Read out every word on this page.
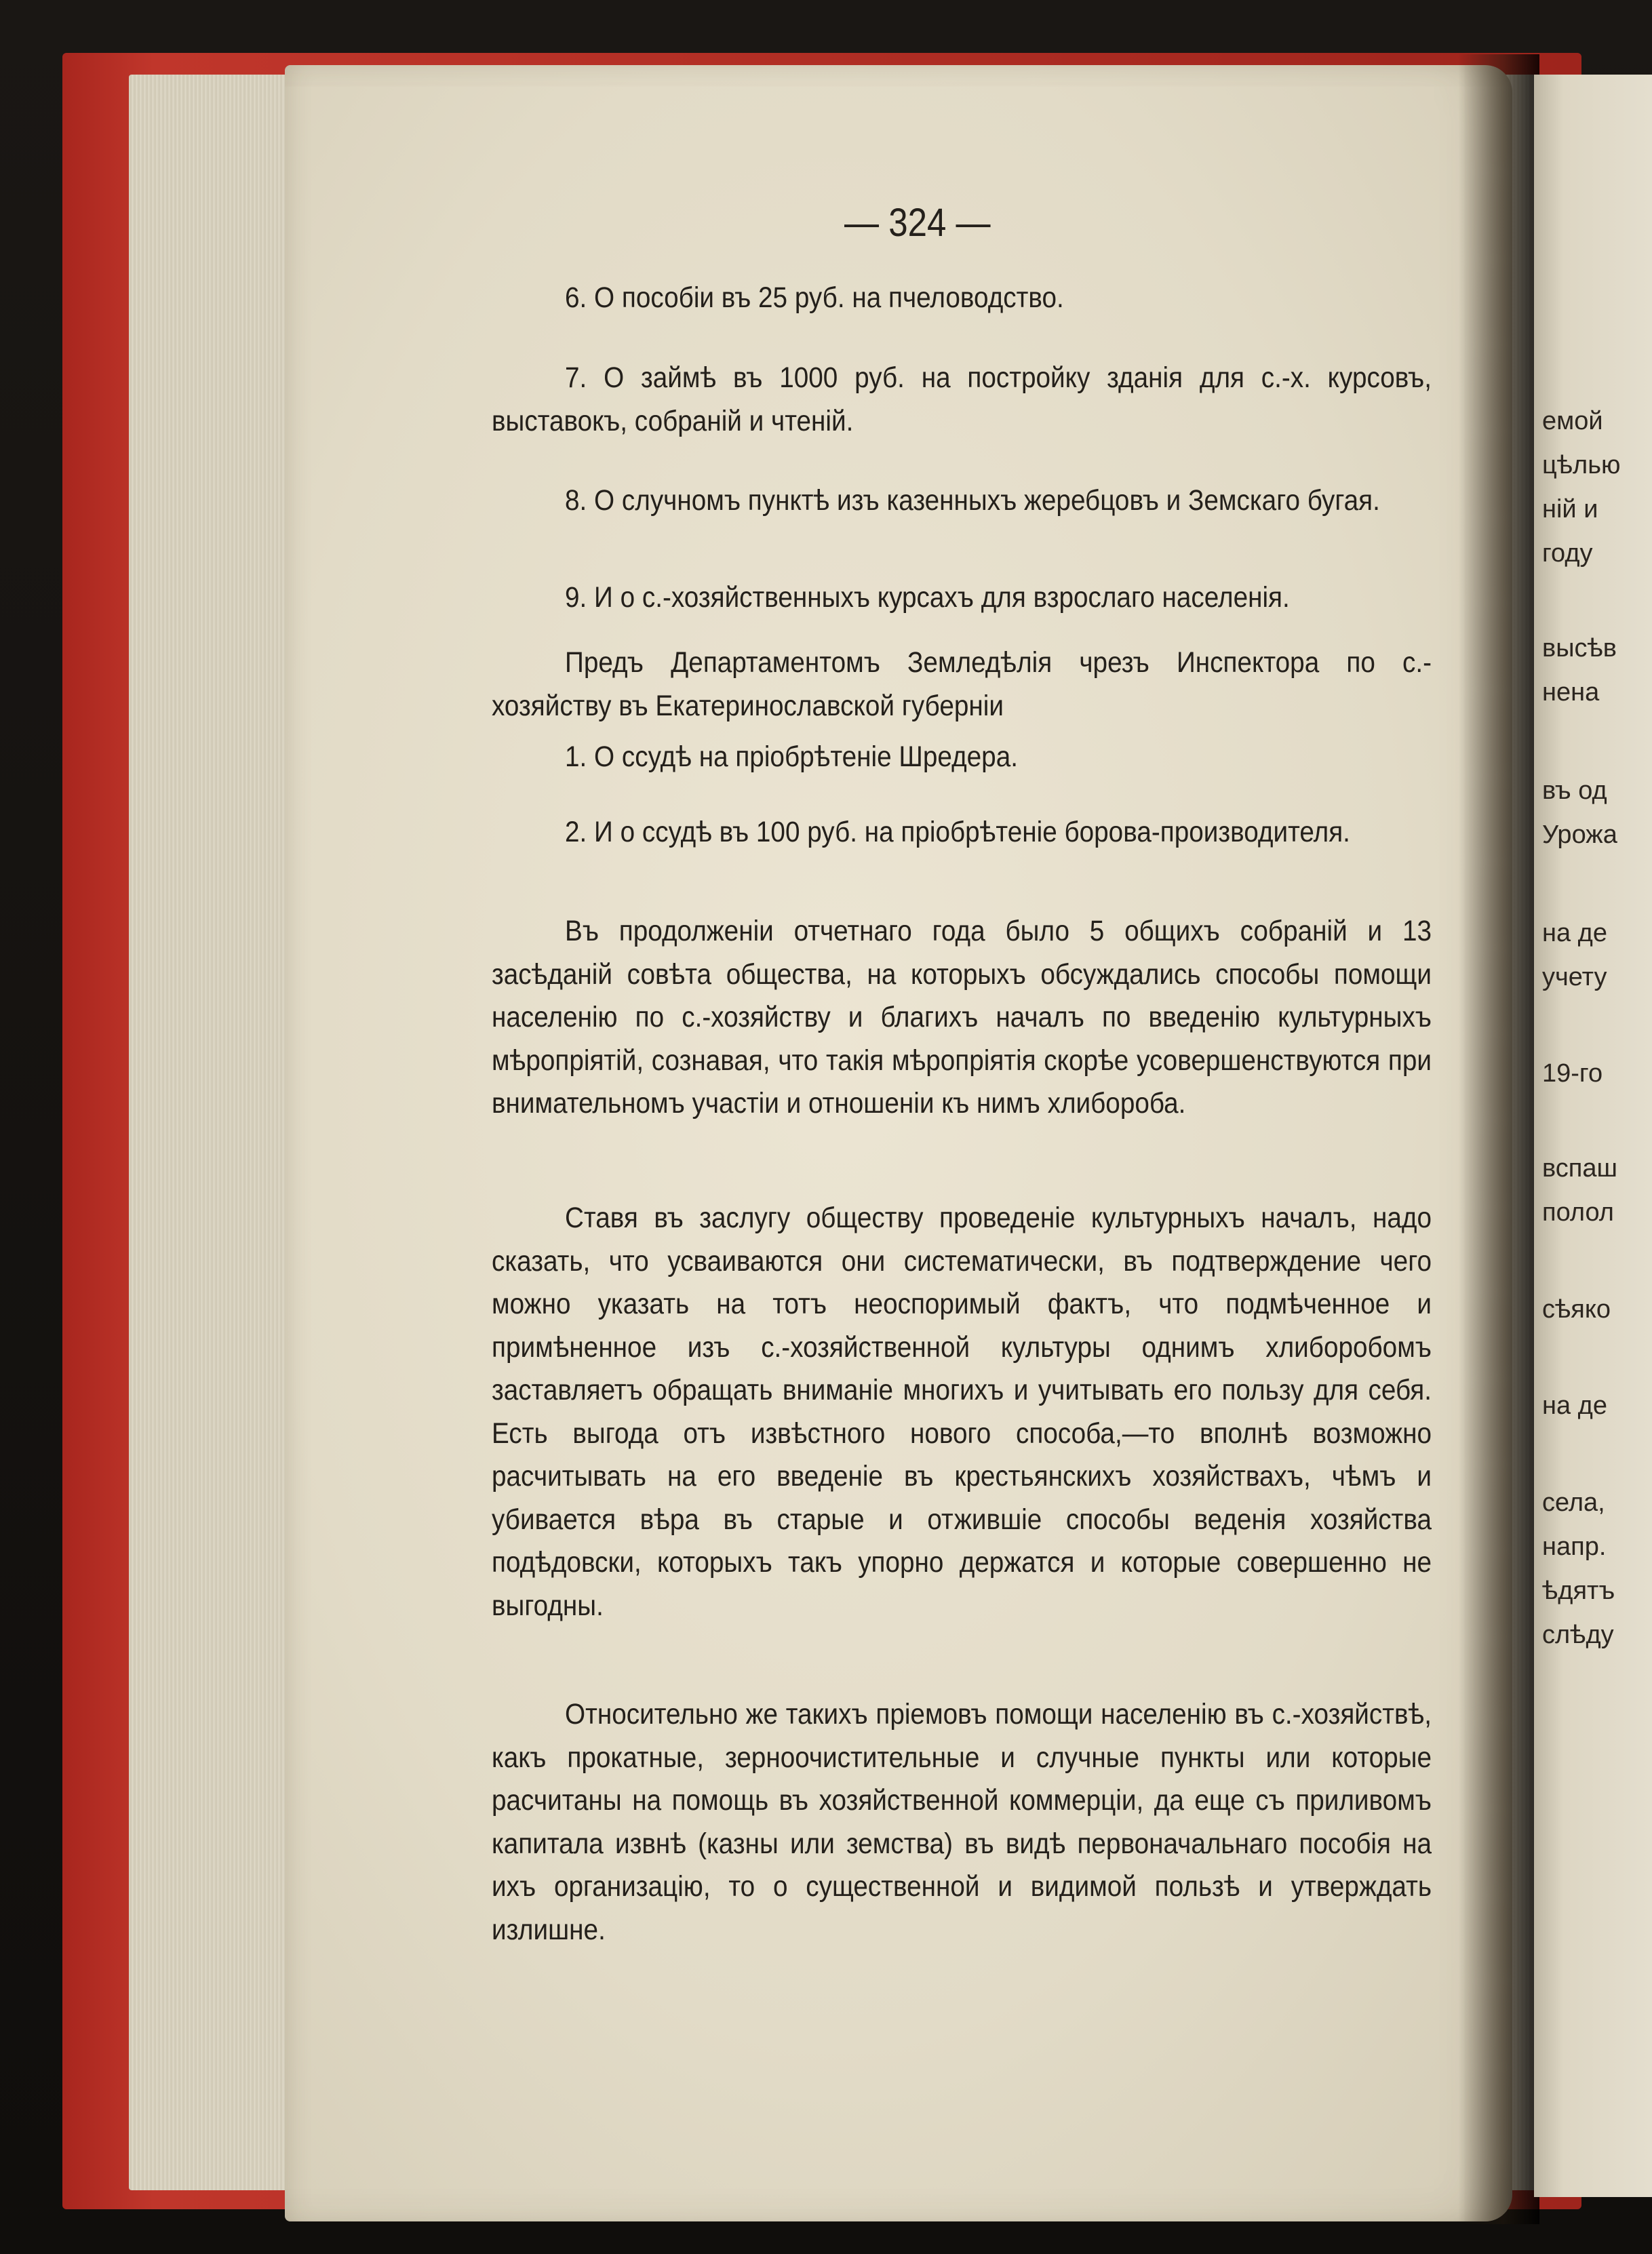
— 324 —

6. О пособіи въ 25 руб. на пчеловодство.

7. О займѣ въ 1000 руб. на постройку зданія для с.-х. курсовъ, выставокъ, собраній и чтеній.

8. О случномъ пунктѣ изъ казенныхъ жеребцовъ и Земскаго бугая.

9. И о с.-хозяйственныхъ курсахъ для взрослаго населенія.

Предъ Департаментомъ Земледѣлія чрезъ Инспектора по с.-хозяйству въ Екатеринославской губерніи

1. О ссудѣ на пріобрѣтеніе Шредера.

2. И о ссудѣ въ 100 руб. на пріобрѣтеніе борова-производителя.

Въ продолженіи отчетнаго года было 5 общихъ собраній и 13 засѣданій совѣта общества, на которыхъ обсуждались способы помощи населенію по с.-хозяйству и благихъ началъ по введенію культурныхъ мѣропріятій, сознавая, что такія мѣропріятія скорѣе усовершенствуются при внимательномъ участіи и отношеніи къ нимъ хлибороба.

Ставя въ заслугу обществу проведеніе культурныхъ началъ, надо сказать, что усваиваются они систематически, въ подтверждение чего можно указать на тотъ неоспоримый фактъ, что подмѣченное и примѣненное изъ с.-хозяйственной культуры однимъ хлиборобомъ заставляетъ обращать вниманіе многихъ и учитывать его пользу для себя. Есть выгода отъ извѣстного нового способа,—то вполнѣ возможно расчитывать на его введеніе въ крестьянскихъ хозяйствахъ, чѣмъ и убивается вѣра въ старые и отжившіе способы веденія хозяйства подѣдовски, которыхъ такъ упорно держатся и которые совершенно не выгодны.

Относительно же такихъ пріемовъ помощи населенію въ с.-хозяйствѣ, какъ прокатные, зерноочистительные и случные пункты или которые расчитаны на помощь въ хозяйственной коммерціи, да еще съ приливомъ капитала извнѣ (казны или земства) въ видѣ первоначальнаго пособія на ихъ организацію, то о существенной и видимой пользѣ и утверждать излишне.

емой
цѣлью
ній и
году
высѣв
нена
въ од
Урожа
на де
учету
19-го
вспаш
полол
сѣяко
на де
села,
напр.
ѣдятъ
слѣду
